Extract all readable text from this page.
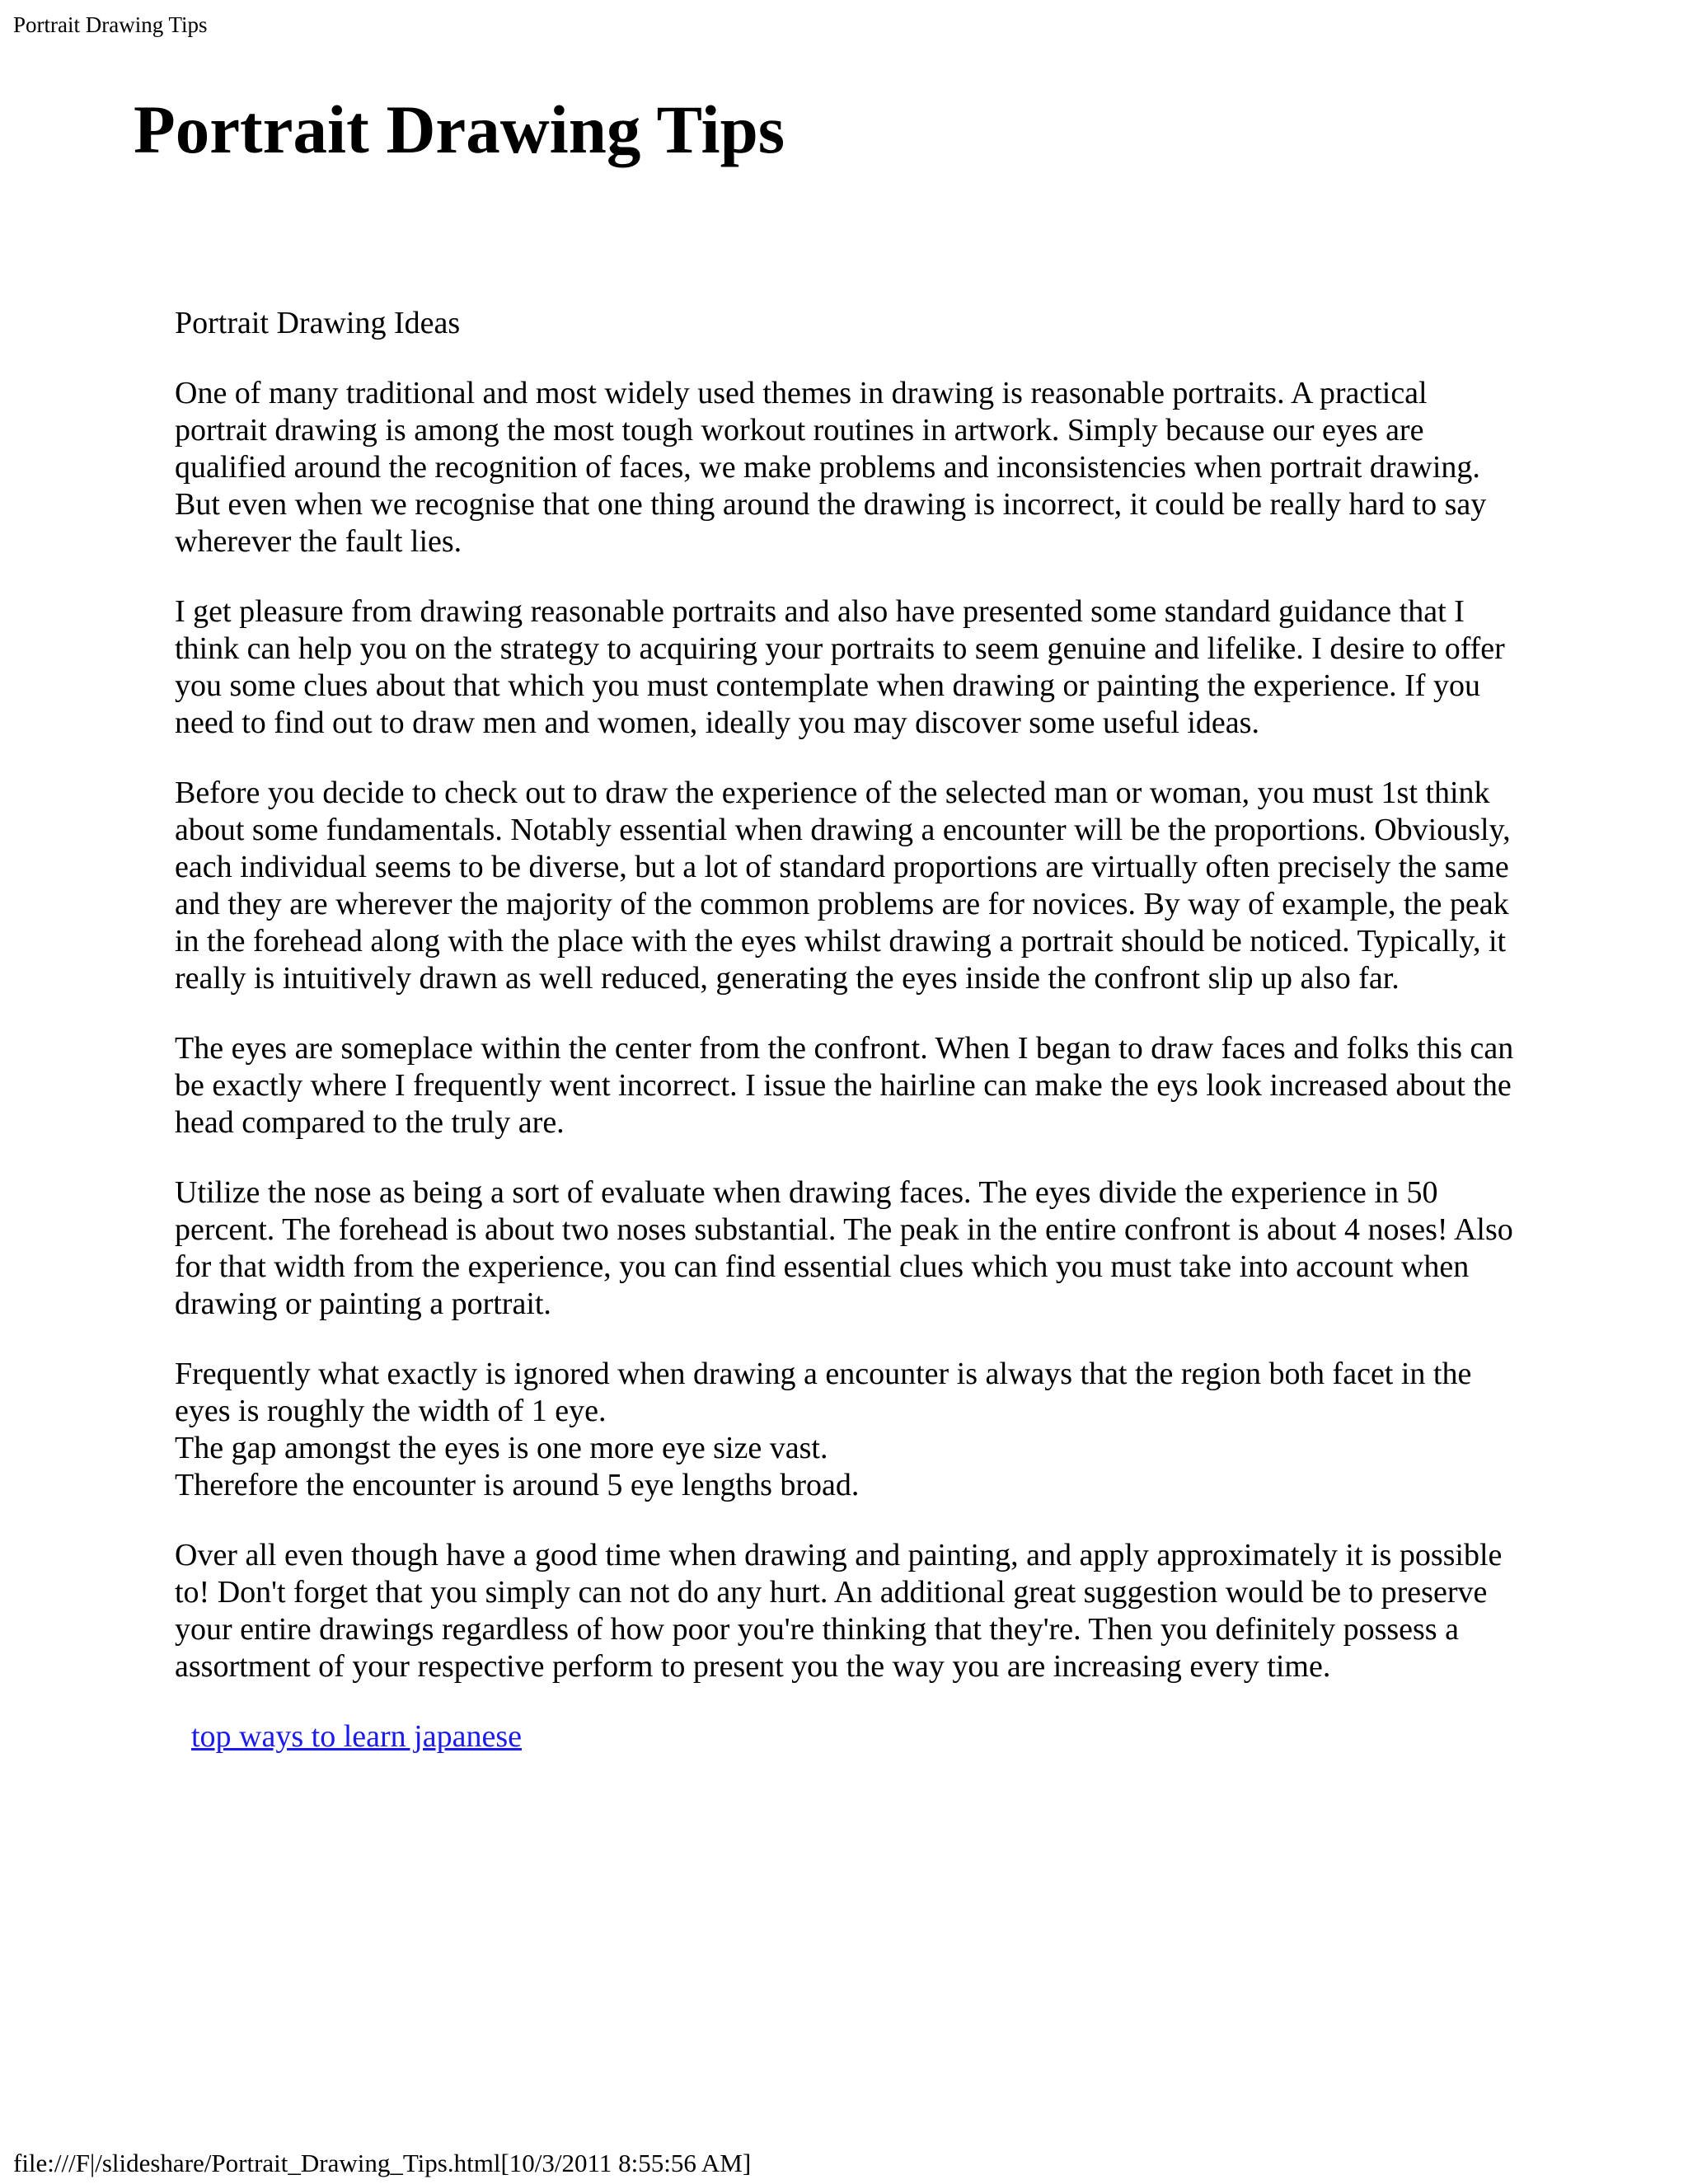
Portrait Drawing Tips
Portrait Drawing Tips

Portrait Drawing Ideas

One of many traditional and most widely used themes in drawing is reasonable portraits. A practical portrait drawing is among the most tough workout routines in artwork. Simply because our eyes are qualified around the recognition of faces, we make problems and inconsistencies when portrait drawing. But even when we recognise that one thing around the drawing is incorrect, it could be really hard to say wherever the fault lies.

I get pleasure from drawing reasonable portraits and also have presented some standard guidance that I think can help you on the strategy to acquiring your portraits to seem genuine and lifelike. I desire to offer you some clues about that which you must contemplate when drawing or painting the experience. If you need to find out to draw men and women, ideally you may discover some useful ideas.

Before you decide to check out to draw the experience of the selected man or woman, you must 1st think about some fundamentals. Notably essential when drawing a encounter will be the proportions. Obviously, each individual seems to be diverse, but a lot of standard proportions are virtually often precisely the same and they are wherever the majority of the common problems are for novices. By way of example, the peak in the forehead along with the place with the eyes whilst drawing a portrait should be noticed. Typically, it really is intuitively drawn as well reduced, generating the eyes inside the confront slip up also far.

The eyes are someplace within the center from the confront. When I began to draw faces and folks this can be exactly where I frequently went incorrect. I issue the hairline can make the eys look increased about the head compared to the truly are.

Utilize the nose as being a sort of evaluate when drawing faces. The eyes divide the experience in 50 percent. The forehead is about two noses substantial. The peak in the entire confront is about 4 noses! Also for that width from the experience, you can find essential clues which you must take into account when drawing or painting a portrait.

Frequently what exactly is ignored when drawing a encounter is always that the region both facet in the eyes is roughly the width of 1 eye.
The gap amongst the eyes is one more eye size vast.
Therefore the encounter is around 5 eye lengths broad.

Over all even though have a good time when drawing and painting, and apply approximately it is possible to! Don't forget that you simply can not do any hurt. An additional great suggestion would be to preserve your entire drawings regardless of how poor you're thinking that they're. Then you definitely possess a assortment of your respective perform to present you the way you are increasing every time.

top ways to learn japanese

file:///F|/slideshare/Portrait_Drawing_Tips.html[10/3/2011 8:55:56 AM]
